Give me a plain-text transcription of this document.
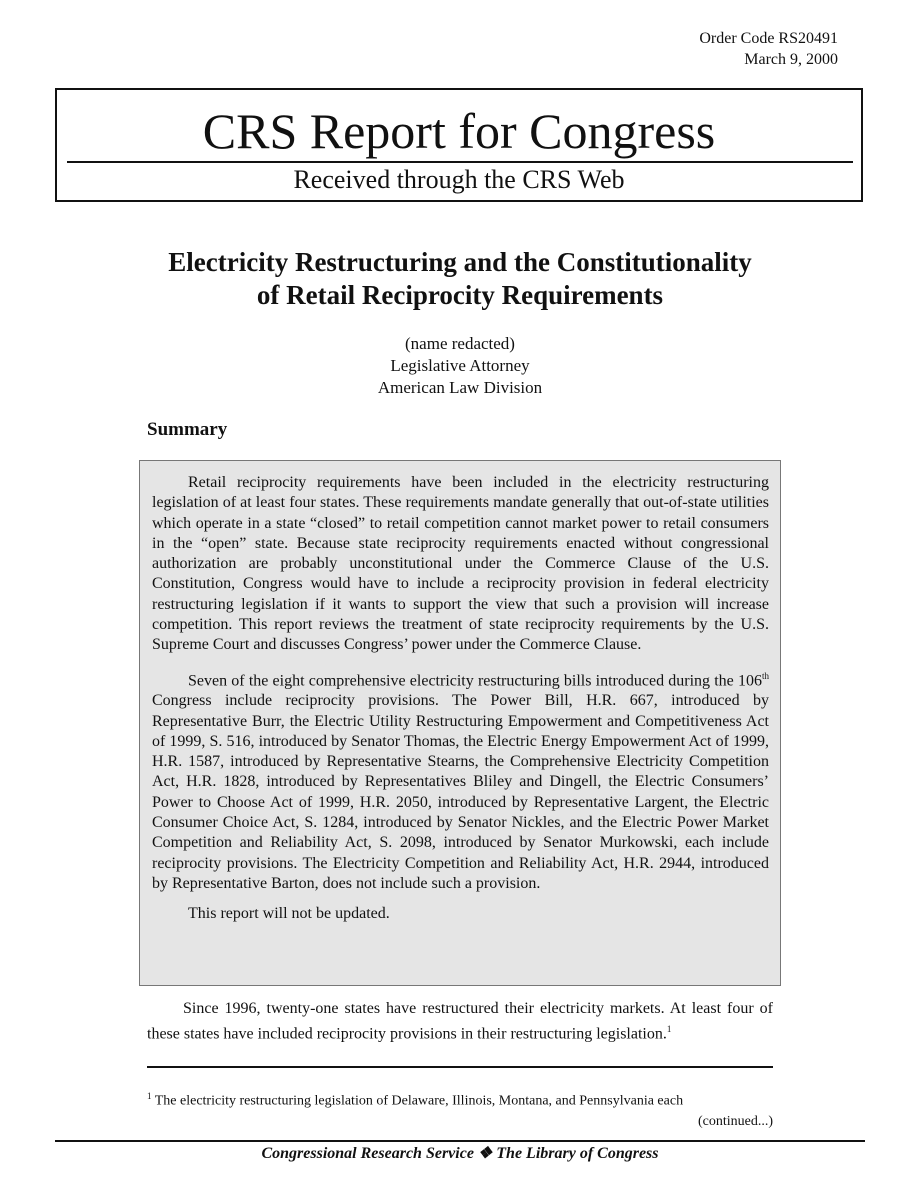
Order Code RS20491
March 9, 2000
CRS Report for Congress
Received through the CRS Web
Electricity Restructuring and the Constitutionality
of Retail Reciprocity Requirements
(name redacted)
Legislative Attorney
American Law Division
Summary

Retail reciprocity requirements have been included in the electricity restructuring legislation of at least four states. These requirements mandate generally that out-of-state utilities which operate in a state “closed” to retail competition cannot market power to retail consumers in the “open” state. Because state reciprocity requirements enacted without congressional authorization are probably unconstitutional under the Commerce Clause of the U.S. Constitution, Congress would have to include a reciprocity provision in federal electricity restructuring legislation if it wants to support the view that such a provision will increase competition. This report reviews the treatment of state reciprocity requirements by the U.S. Supreme Court and discusses Congress’ power under the Commerce Clause.

Seven of the eight comprehensive electricity restructuring bills introduced during the 106th Congress include reciprocity provisions. The Power Bill, H.R. 667, introduced by Representative Burr, the Electric Utility Restructuring Empowerment and Competitiveness Act of 1999, S. 516, introduced by Senator Thomas, the Electric Energy Empowerment Act of 1999, H.R. 1587, introduced by Representative Stearns, the Comprehensive Electricity Competition Act, H.R. 1828, introduced by Representatives Bliley and Dingell, the Electric Consumers’ Power to Choose Act of 1999, H.R. 2050, introduced by Representative Largent, the Electric Consumer Choice Act, S. 1284, introduced by Senator Nickles, and the Electric Power Market Competition and Reliability Act, S. 2098, introduced by Senator Murkowski, each include reciprocity provisions. The Electricity Competition and Reliability Act, H.R. 2944, introduced by Representative Barton, does not include such a provision.

This report will not be updated.

Since 1996, twenty-one states have restructured their electricity markets. At least four of these states have included reciprocity provisions in their restructuring legislation.$^1$
$^1$ The electricity restructuring legislation of Delaware, Illinois, Montana, and Pennsylvania each
(continued...)
Congressional Research Service ❖ The Library of Congress
